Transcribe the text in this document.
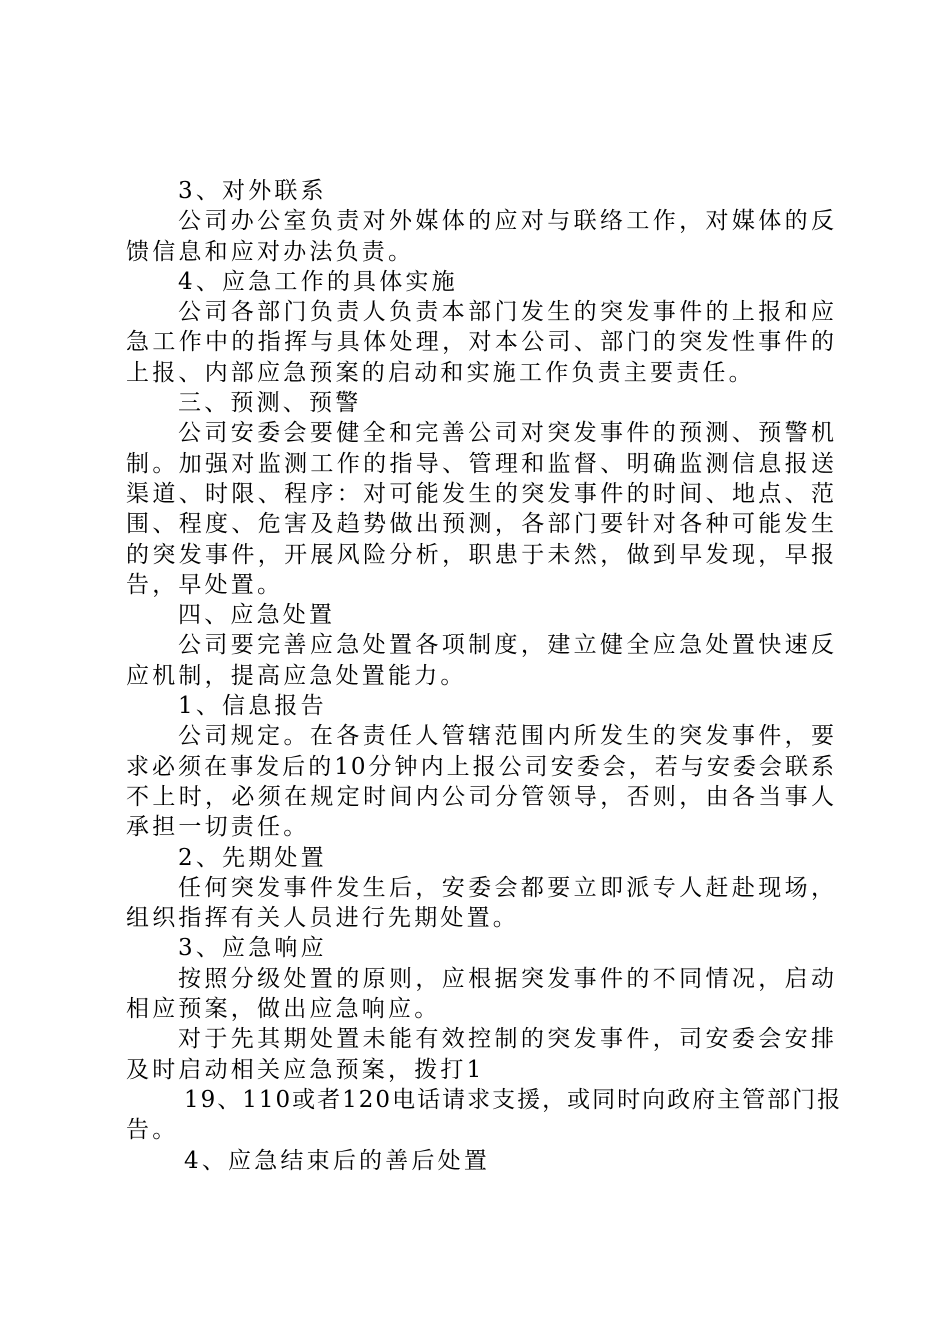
3、对外联系
公司办公室负责对外媒体的应对与联络工作，对媒体的反
馈信息和应对办法负责。
4、应急工作的具体实施
公司各部门负责人负责本部门发生的突发事件的上报和应
急工作中的指挥与具体处理，对本公司、部门的突发性事件的
上报、内部应急预案的启动和实施工作负责主要责任。
三、预测、预警
公司安委会要健全和完善公司对突发事件的预测、预警机
制。加强对监测工作的指导、管理和监督、明确监测信息报送
渠道、时限、程序：对可能发生的突发事件的时间、地点、范
围、程度、危害及趋势做出预测，各部门要针对各种可能发生
的突发事件，开展风险分析，职患于未然，做到早发现，早报
告，早处置。
四、应急处置
公司要完善应急处置各项制度，建立健全应急处置快速反
应机制，提高应急处置能力。
1、信息报告
公司规定。在各责任人管辖范围内所发生的突发事件，要
求必须在事发后的10分钟内上报公司安委会，若与安委会联系
不上时，必须在规定时间内公司分管领导，否则，由各当事人
承担一切责任。
2、先期处置
任何突发事件发生后，安委会都要立即派专人赶赴现场，
组织指挥有关人员进行先期处置。
3、应急响应
按照分级处置的原则，应根据突发事件的不同情况，启动
相应预案，做出应急响应。
对于先其期处置未能有效控制的突发事件，司安委会安排
及时启动相关应急预案，拨打1
19、110或者120电话请求支援，或同时向政府主管部门报
告。
4、应急结束后的善后处置
